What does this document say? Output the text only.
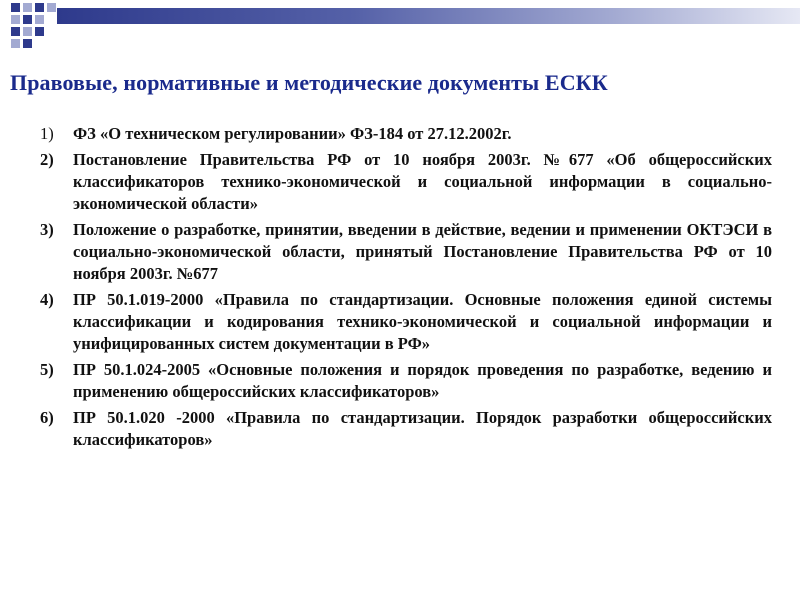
Правовые, нормативные и методические документы ЕСКК
1) ФЗ «О техническом регулировании» ФЗ-184 от 27.12.2002г.
2) Постановление Правительства РФ от 10 ноября 2003г. №677 «Об общероссийских классификаторов технико-экономической и социальной информации в социально-экономической области»
3) Положение о разработке, принятии, введении в действие, ведении и применении ОКТЭСИ в социально-экономической области, принятый Постановление Правительства РФ от 10 ноября 2003г. №677
4) ПР 50.1.019-2000 «Правила по стандартизации. Основные положения единой системы классификации и кодирования технико-экономической и социальной информации и унифицированных систем документации в РФ»
5) ПР 50.1.024-2005 «Основные положения и порядок проведения по разработке, ведению и применению общероссийских классификаторов»
6) ПР 50.1.020 -2000 «Правила по стандартизации. Порядок разработки общероссийских классификаторов»
